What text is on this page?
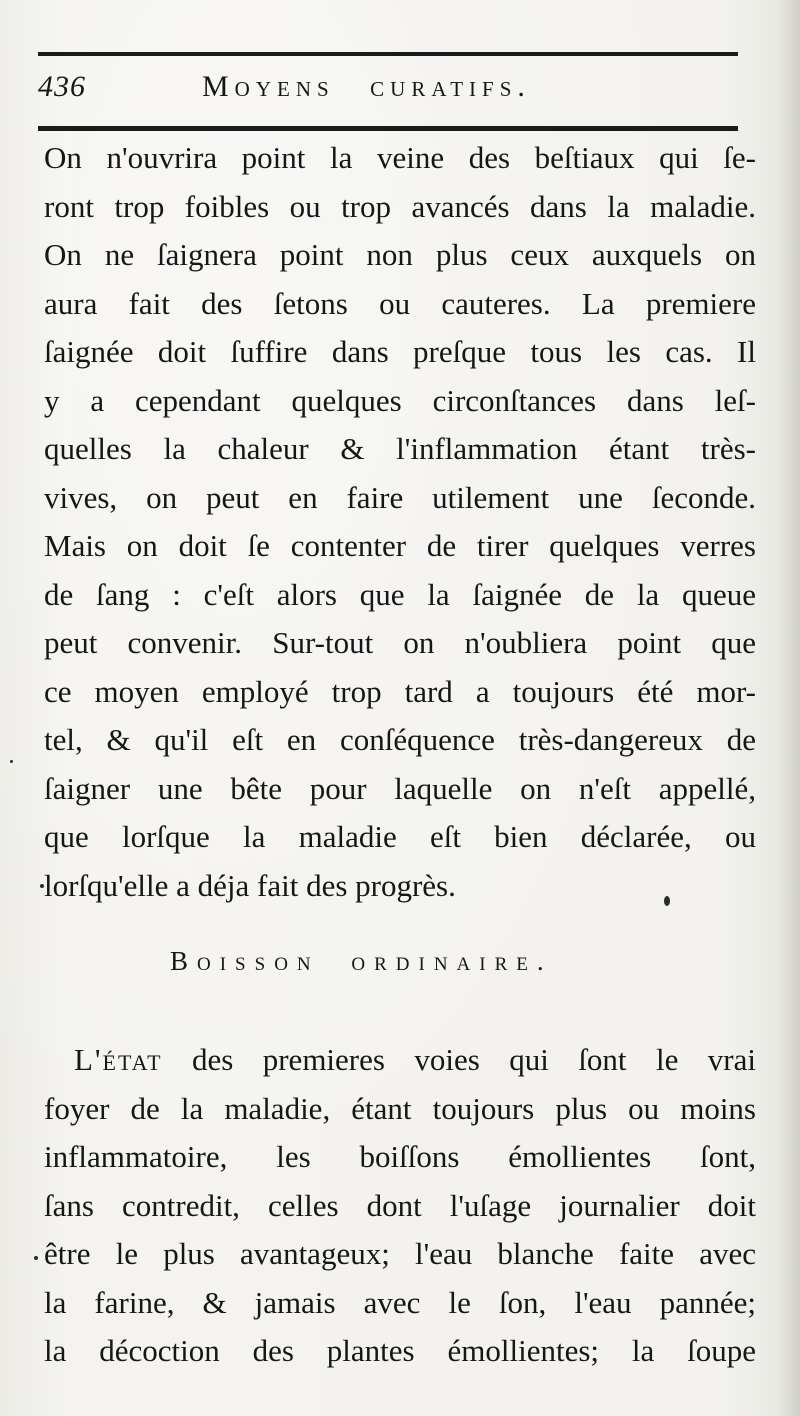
436	Moyens curatifs.
On n'ouvrira point la veine des beſtiaux qui ſe-
ront trop foibles ou trop avancés dans la maladie.
On ne ſaignera point non plus ceux auxquels on
aura fait des ſetons ou cauteres. La premiere
ſaignée doit ſuffire dans preſque tous les cas. Il
y a cependant quelques circonſtances dans leſ-
quelles la chaleur & l'inflammation étant très-
vives, on peut en faire utilement une ſeconde.
Mais on doit ſe contenter de tirer quelques verres
de ſang : c'eſt alors que la ſaignée de la queue
peut convenir. Sur-tout on n'oubliera point que
ce moyen employé trop tard a toujours été mor-
tel, & qu'il eſt en conſéquence très-dangereux de
ſaigner une bête pour laquelle on n'eſt appellé,
que lorſque la maladie eſt bien déclarée, ou
lorſqu'elle a déja fait des progrès.
Boisson ordinaire.
L'état des premieres voies qui ſont le vrai
foyer de la maladie, étant toujours plus ou moins
inflammatoire, les boiſſons émollientes ſont,
ſans contredit, celles dont l'uſage journalier doit
être le plus avantageux; l'eau blanche faite avec
la farine, & jamais avec le ſon, l'eau pannée;
la décoction des plantes émollientes; la ſoupe
